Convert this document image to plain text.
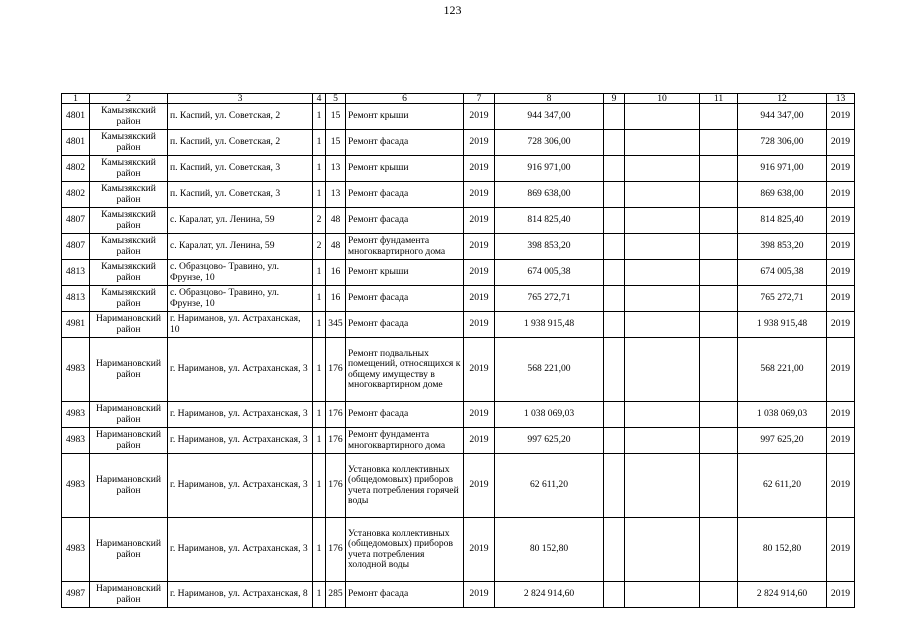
123
1	2	3	4	5	6	7	8	9	10	11	12	13
4801	Камызякский район	п. Каспий, ул. Советская, 2	1	15	Ремонт крыши	2019	944 347,00				944 347,00	2019
4801	Камызякский район	п. Каспий, ул. Советская, 2	1	15	Ремонт фасада	2019	728 306,00				728 306,00	2019
4802	Камызякский район	п. Каспий, ул. Советская, 3	1	13	Ремонт крыши	2019	916 971,00				916 971,00	2019
4802	Камызякский район	п. Каспий, ул. Советская, 3	1	13	Ремонт фасада	2019	869 638,00				869 638,00	2019
4807	Камызякский район	с. Каралат, ул. Ленина, 59	2	48	Ремонт фасада	2019	814 825,40				814 825,40	2019
4807	Камызякский район	с. Каралат, ул. Ленина, 59	2	48	Ремонт фундамента многоквартирного дома	2019	398 853,20				398 853,20	2019
4813	Камызякский район	с. Образцово- Травино, ул. Фрунзе, 10	1	16	Ремонт крыши	2019	674 005,38				674 005,38	2019
4813	Камызякский район	с. Образцово- Травино, ул. Фрунзе, 10	1	16	Ремонт фасада	2019	765 272,71				765 272,71	2019
4981	Наримановский район	г. Нариманов, ул. Астраханская, 10	1	345	Ремонт фасада	2019	1 938 915,48				1 938 915,48	2019
4983	Наримановский район	г. Нариманов, ул. Астраханская, 3	1	176	Ремонт подвальных помещений, относящихся к общему имуществу в многоквартирном доме	2019	568 221,00				568 221,00	2019
4983	Наримановский район	г. Нариманов, ул. Астраханская, 3	1	176	Ремонт фасада	2019	1 038 069,03				1 038 069,03	2019
4983	Наримановский район	г. Нариманов, ул. Астраханская, 3	1	176	Ремонт фундамента многоквартирного дома	2019	997 625,20				997 625,20	2019
4983	Наримановский район	г. Нариманов, ул. Астраханская, 3	1	176	Установка коллективных (общедомовых) приборов учета потребления горячей воды	2019	62 611,20				62 611,20	2019
4983	Наримановский район	г. Нариманов, ул. Астраханская, 3	1	176	Установка коллективных (общедомовых) приборов учета потребления холодной воды	2019	80 152,80				80 152,80	2019
4987	Наримановский район	г. Нариманов, ул. Астраханская, 8	1	285	Ремонт фасада	2019	2 824 914,60				2 824 914,60	2019
